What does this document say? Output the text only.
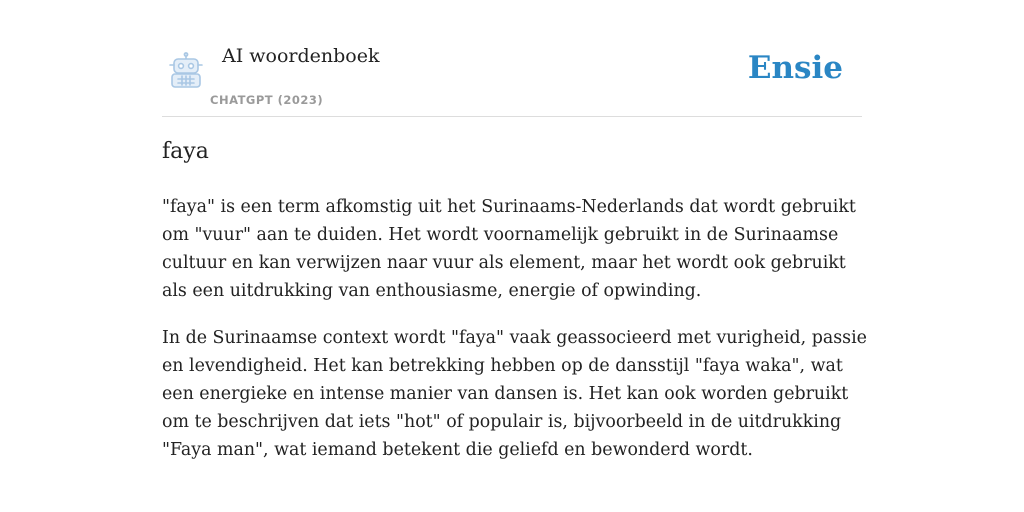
AI woordenboek
CHATGPT (2023)
Ensie
faya

"faya" is een term afkomstig uit het Surinaams-Nederlands dat wordt gebruikt om "vuur" aan te duiden. Het wordt voornamelijk gebruikt in de Surinaamse cultuur en kan verwijzen naar vuur als element, maar het wordt ook gebruikt als een uitdrukking van enthousiasme, energie of opwinding.

In de Surinaamse context wordt "faya" vaak geassocieerd met vurigheid, passie en levendigheid. Het kan betrekking hebben op de dansstijl "faya waka", wat een energieke en intense manier van dansen is. Het kan ook worden gebruikt om te beschrijven dat iets "hot" of populair is, bijvoorbeeld in de uitdrukking "Faya man", wat iemand betekent die geliefd en bewonderd wordt.
